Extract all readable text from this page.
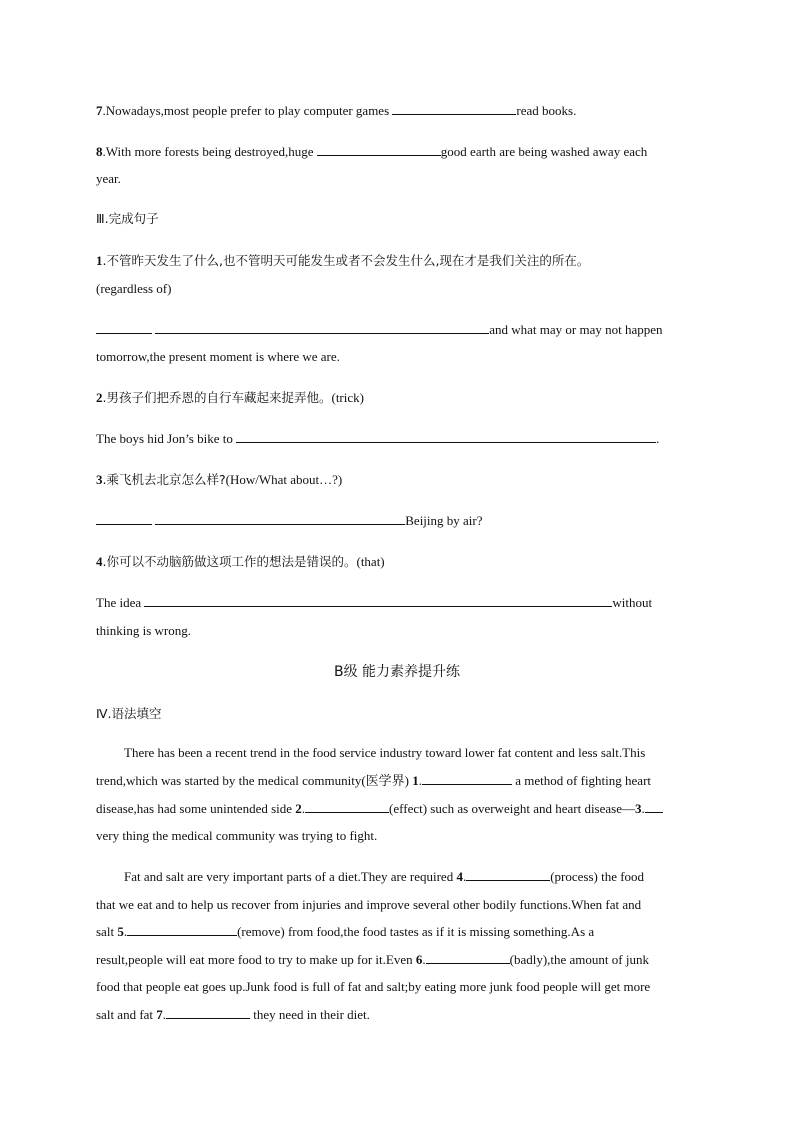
7.Nowadays,most people prefer to play computer games	read books.
8.With more forests being destroyed,huge	good earth are being washed away each
year.
Ⅲ.完成句子
1.不管昨天发生了什么,也不管明天可能发生或者不会发生什么,现在才是我们关注的所在。
(regardless of)
and what may or may not happen
tomorrow,the present moment is where we are.
2.男孩子们把乔恩的自行车藏起来捉弄他。(trick)
The boys hid Jon’s bike to	.
3.乘飞机去北京怎么样?(How/What about…?)
Beijing by air?
4.你可以不动脑筋做这项工作的想法是错误的。(that)
The idea	without
thinking is wrong.
B级 能力素养提升练
Ⅳ.语法填空
There has been a recent trend in the food service industry toward lower fat content and less salt.This
trend,which was started by the medical community(医学界) 1.	a method of fighting heart
disease,has had some unintended side 2.	(effect) such as overweight and heart disease—3.
very thing the medical community was trying to fight.
Fat and salt are very important parts of a diet.They are required 4.	(process) the food
that we eat and to help us recover from injuries and improve several other bodily functions.When fat and
salt 5.	(remove) from food,the food tastes as if it is missing something.As a
result,people will eat more food to try to make up for it.Even 6.	(badly),the amount of junk
food that people eat goes up.Junk food is full of fat and salt;by eating more junk food people will get more
salt and fat 7.	they need in their diet.
